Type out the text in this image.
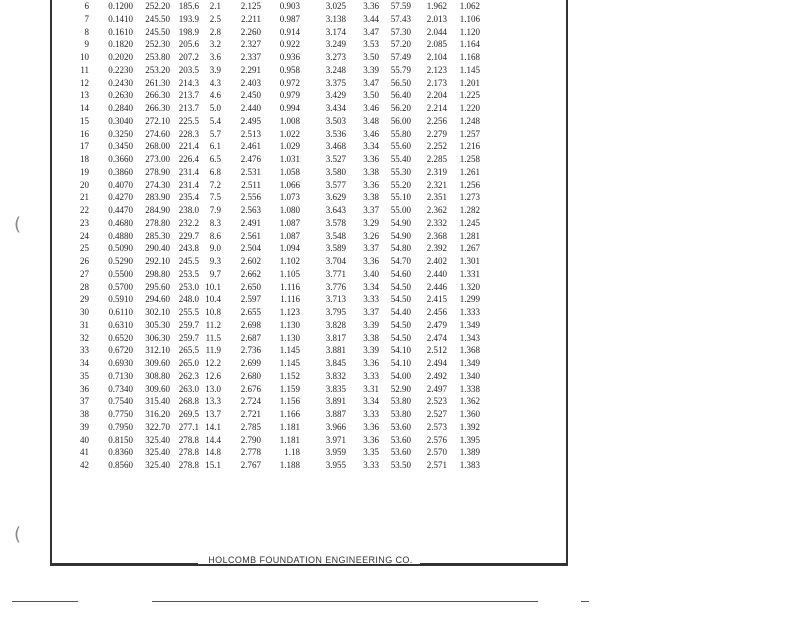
6	0.1200	252.20	185.6	2.1	2.125	0.903	3.025	3.36	57.59	1.962	1.062
7	0.1410	245.50	193.9	2.5	2.211	0.987	3.138	3.44	57.43	2.013	1.106
8	0.1610	245.50	198.9	2.8	2.260	0.914	3.174	3.47	57.30	2.044	1.120
9	0.1820	252.30	205.6	3.2	2.327	0.922	3.249	3.53	57.20	2.085	1.164
10	0.2020	253.80	207.2	3.6	2.337	0.936	3.273	3.50	57.49	2.104	1.168
11	0.2230	253.20	203.5	3.9	2.291	0.958	3.248	3.39	55.79	2.123	1.145
12	0.2430	261.30	214.3	4.3	2.403	0.972	3.375	3.47	56.50	2.173	1.201
13	0.2630	266.30	213.7	4.6	2.450	0.979	3.429	3.50	56.40	2.204	1.225
14	0.2840	266.30	213.7	5.0	2.440	0.994	3.434	3.46	56.20	2.214	1.220
15	0.3040	272.10	225.5	5.4	2.495	1.008	3.503	3.48	56.00	2.256	1.248
16	0.3250	274.60	228.3	5.7	2.513	1.022	3.536	3.46	55.80	2.279	1.257
17	0.3450	268.00	221.4	6.1	2.461	1.029	3.468	3.34	55.60	2.252	1.216
18	0.3660	273.00	226.4	6.5	2.476	1.031	3.527	3.36	55.40	2.285	1.258
19	0.3860	278.90	231.4	6.8	2.531	1.058	3.580	3.38	55.30	2.319	1.261
20	0.4070	274.30	231.4	7.2	2.511	1.066	3.577	3.36	55.20	2.321	1.256
21	0.4270	283.90	235.4	7.5	2.556	1.073	3.629	3.38	55.10	2.351	1.273
22	0.4470	284.90	238.0	7.9	2.563	1.080	3.643	3.37	55.00	2.362	1.282
23	0.4680	278.80	232.2	8.3	2.491	1.087	3.578	3.29	54.90	2.332	1.245
24	0.4880	285.30	229.7	8.6	2.561	1.087	3.548	3.26	54.90	2.368	1.281
25	0.5090	290.40	243.8	9.0	2.504	1.094	3.589	3.37	54.80	2.392	1.267
26	0.5290	292.10	245.5	9.3	2.602	1.102	3.704	3.36	54.70	2.402	1.301
27	0.5500	298.80	253.5	9.7	2.662	1.105	3.771	3.40	54.60	2.440	1.331
28	0.5700	295.60	253.0	10.1	2.650	1.116	3.776	3.34	54.50	2.446	1.320
29	0.5910	294.60	248.0	10.4	2.597	1.116	3.713	3.33	54.50	2.415	1.299
30	0.6110	302.10	255.5	10.8	2.655	1.123	3.795	3.37	54.40	2.456	1.333
31	0.6310	305.30	259.7	11.2	2.698	1.130	3.828	3.39	54.50	2.479	1.349
32	0.6520	306.30	259.7	11.5	2.687	1.130	3.817	3.38	54.50	2.474	1.343
33	0.6720	312.10	265.5	11.9	2.736	1.145	3.881	3.39	54.10	2.512	1.368
34	0.6930	309.60	265.0	12.2	2.699	1.145	3.845	3.36	54.10	2.494	1.349
35	0.7130	308.80	262.3	12.6	2.680	1.152	3.832	3.33	54.00	2.492	1.340
36	0.7340	309.60	263.0	13.0	2.676	1.159	3.835	3.31	52.90	2.497	1.338
37	0.7540	315.40	268.8	13.3	2.724	1.156	3.891	3.34	53.80	2.523	1.362
38	0.7750	316.20	269.5	13.7	2.721	1.166	3.887	3.33	53.80	2.527	1.360
39	0.7950	322.70	277.1	14.1	2.785	1.181	3.966	3.36	53.60	2.573	1.392
40	0.8150	325.40	278.8	14.4	2.790	1.181	3.971	3.36	53.60	2.576	1.395
41	0.8360	325.40	278.8	14.8	2.778	1.18	3.959	3.35	53.60	2.570	1.389
42	0.8560	325.40	278.8	15.1	2.767	1.188	3.955	3.33	53.50	2.571	1.383
HOLCOMB FOUNDATION ENGINEERING CO.
(
(
